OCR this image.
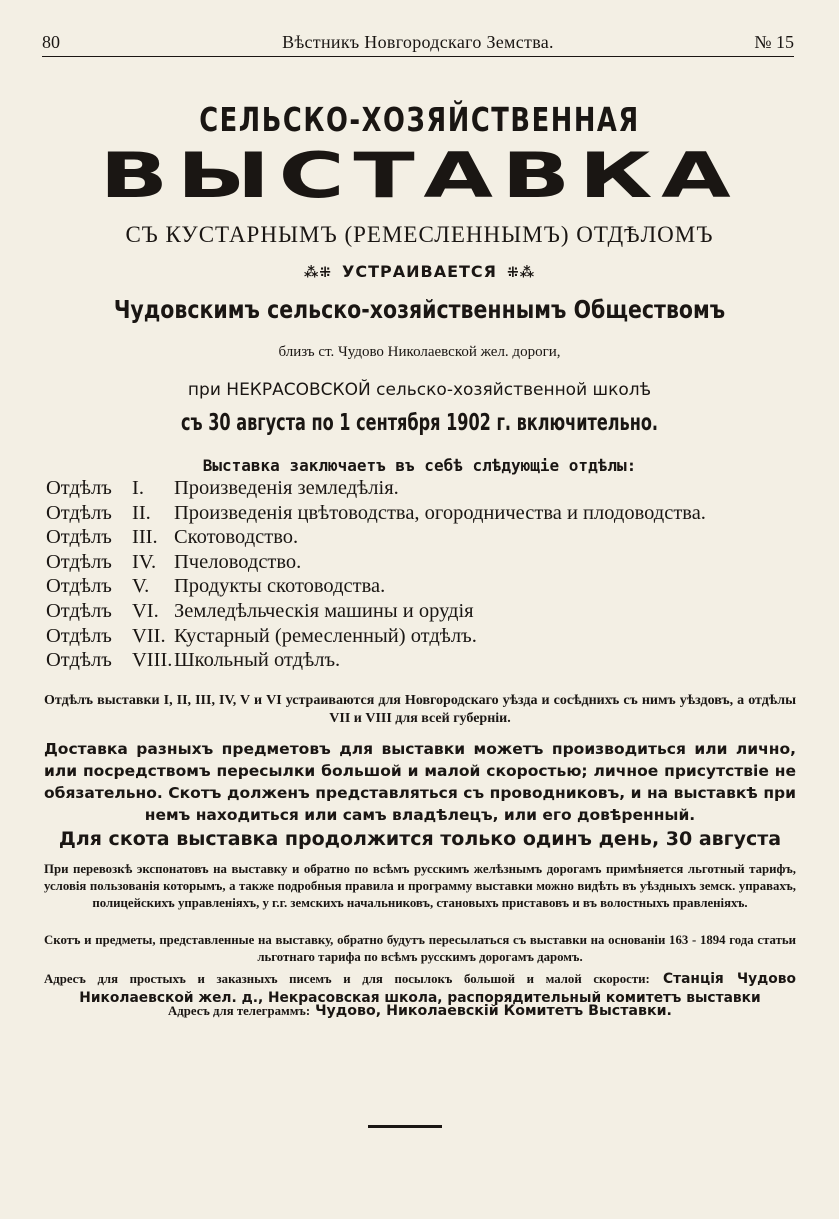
80	Вѣстникъ Новгородскаго Земства.	№ 15
СЕЛЬСКО-ХОЗЯЙСТВЕННАЯ
ВЫСТАВКА
СЪ КУСТАРНЫМЪ (РЕМЕСЛЕННЫМЪ) ОТДѢЛОМЪ
⁂⁜ УСТРАИВАЕТСЯ ⁜⁂
Чудовскимъ сельско-хозяйственнымъ Обществомъ
близъ ст. Чудово Николаевской жел. дороги,
при НЕКРАСОВСКОЙ сельско-хозяйственной школѣ
съ 30 августа по 1 сентября 1902 г. включительно.
Выставка заключаетъ въ себѣ слѣдующіе отдѣлы:
Отдѣлъ I. Произведенія земледѣлія.
Отдѣлъ II. Произведенія цвѣтоводства, огородничества и плодоводства.
Отдѣлъ III. Скотоводство.
Отдѣлъ IV. Пчеловодство.
Отдѣлъ V. Продукты скотоводства.
Отдѣлъ VI. Земледѣльческія машины и орудія
Отдѣлъ VII. Кустарный (ремесленный) отдѣлъ.
Отдѣлъ VIII.Школьный отдѣлъ.
Отдѣлъ выставки I, II, III, IV, V и VI устраиваются для Новгородскаго уѣзда и сосѣднихъ съ нимъ уѣздовъ, а отдѣлы VII и VIII для всей губерніи.
Доставка разныхъ предметовъ для выставки можетъ производиться или лично, или посредствомъ пересылки большой и малой скоростью; личное присутствіе не обязательно. Скотъ долженъ представляться съ проводниковъ, и на выставкѣ при немъ находиться или самъ владѣлецъ, или его довѣренный.
Для скота выставка продолжится только одинъ день, 30 августа
При перевозкѣ экспонатовъ на выставку и обратно по всѣмъ русскимъ желѣзнымъ дорогамъ примѣняется льготный тарифъ, условія пользованія которымъ, а также подробныя правила и программу выставки можно видѣть въ уѣздныхъ земск. управахъ, полицейскихъ управленіяхъ, у г.г. земскихъ начальниковъ, становыхъ приставовъ и въ волостныхъ правленіяхъ.
Скотъ и предметы, представленные на выставку, обратно будутъ пересылаться съ выставки на основаніи 163 - 1894 года статьи льготнаго тарифа по всѣмъ русскимъ дорогамъ даромъ.
Адресъ для простыхъ и заказныхъ писемъ и для посылокъ большой и малой скорости: Станція Чудово Николаевской жел. д., Некрасовская школа, распорядительный комитетъ выставки
Адресъ для телеграммъ: Чудово, Николаевскій Комитетъ Выставки.
